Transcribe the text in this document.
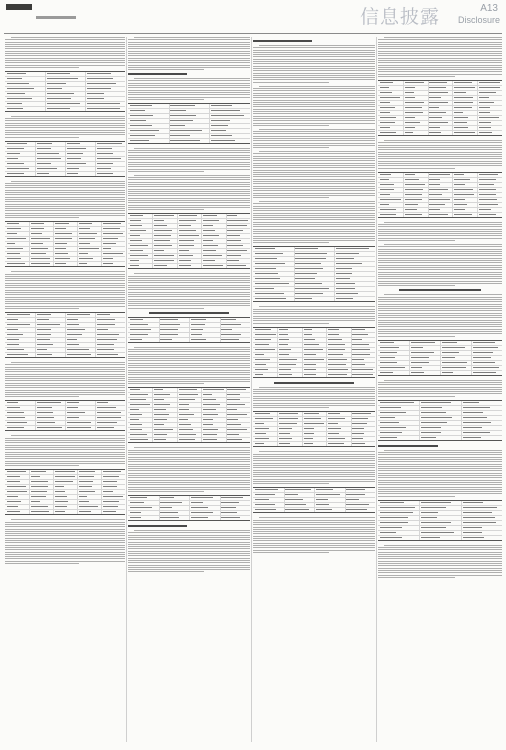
信息披露	A13
Disclosure
